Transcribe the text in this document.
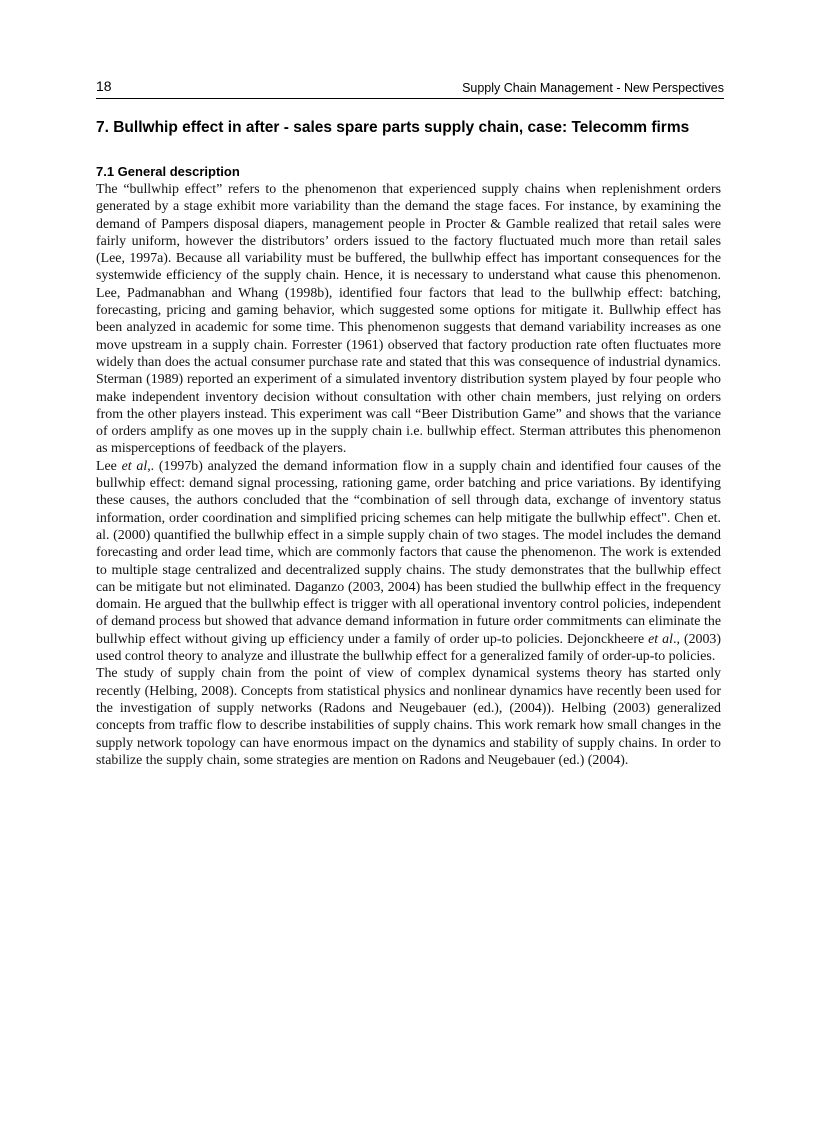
18	Supply Chain Management - New Perspectives
7. Bullwhip effect in after - sales spare parts supply chain, case: Telecomm firms
7.1 General description

The “bullwhip effect” refers to the phenomenon that experienced supply chains when replenishment orders generated by a stage exhibit more variability than the demand the stage faces. For instance, by examining the demand of Pampers disposal diapers, management people in Procter & Gamble realized that retail sales were fairly uniform, however the distributors’ orders issued to the factory fluctuated much more than retail sales (Lee, 1997a). Because all variability must be buffered, the bullwhip effect has important consequences for the systemwide efficiency of the supply chain. Hence, it is necessary to understand what cause this phenomenon. Lee, Padmanabhan and Whang (1998b), identified four factors that lead to the bullwhip effect: batching, forecasting, pricing and gaming behavior, which suggested some options for mitigate it. Bullwhip effect has been analyzed in academic for some time. This phenomenon suggests that demand variability increases as one move upstream in a supply chain. Forrester (1961) observed that factory production rate often fluctuates more widely than does the actual consumer purchase rate and stated that this was consequence of industrial dynamics. Sterman (1989) reported an experiment of a simulated inventory distribution system played by four people who make independent inventory decision without consultation with other chain members, just relying on orders from the other players instead. This experiment was call “Beer Distribution Game” and shows that the variance of orders amplify as one moves up in the supply chain i.e. bullwhip effect. Sterman attributes this phenomenon as misperceptions of feedback of the players.

Lee et al,. (1997b) analyzed the demand information flow in a supply chain and identified four causes of the bullwhip effect: demand signal processing, rationing game, order batching and price variations. By identifying these causes, the authors concluded that the “combination of sell through data, exchange of inventory status information, order coordination and simplified pricing schemes can help mitigate the bullwhip effect". Chen et. al. (2000) quantified the bullwhip effect in a simple supply chain of two stages. The model includes the demand forecasting and order lead time, which are commonly factors that cause the phenomenon. The work is extended to multiple stage centralized and decentralized supply chains. The study demonstrates that the bullwhip effect can be mitigate but not eliminated. Daganzo (2003, 2004) has been studied the bullwhip effect in the frequency domain. He argued that the bullwhip effect is trigger with all operational inventory control policies, independent of demand process but showed that advance demand information in future order commitments can eliminate the bullwhip effect without giving up efficiency under a family of order up-to policies. Dejonckheere et al., (2003) used control theory to analyze and illustrate the bullwhip effect for a generalized family of order-up-to policies.

The study of supply chain from the point of view of complex dynamical systems theory has started only recently (Helbing, 2008). Concepts from statistical physics and nonlinear dynamics have recently been used for the investigation of supply networks (Radons and Neugebauer (ed.), (2004)). Helbing (2003) generalized concepts from traffic flow to describe instabilities of supply chains. This work remark how small changes in the supply network topology can have enormous impact on the dynamics and stability of supply chains. In order to stabilize the supply chain, some strategies are mention on Radons and Neugebauer (ed.) (2004).
